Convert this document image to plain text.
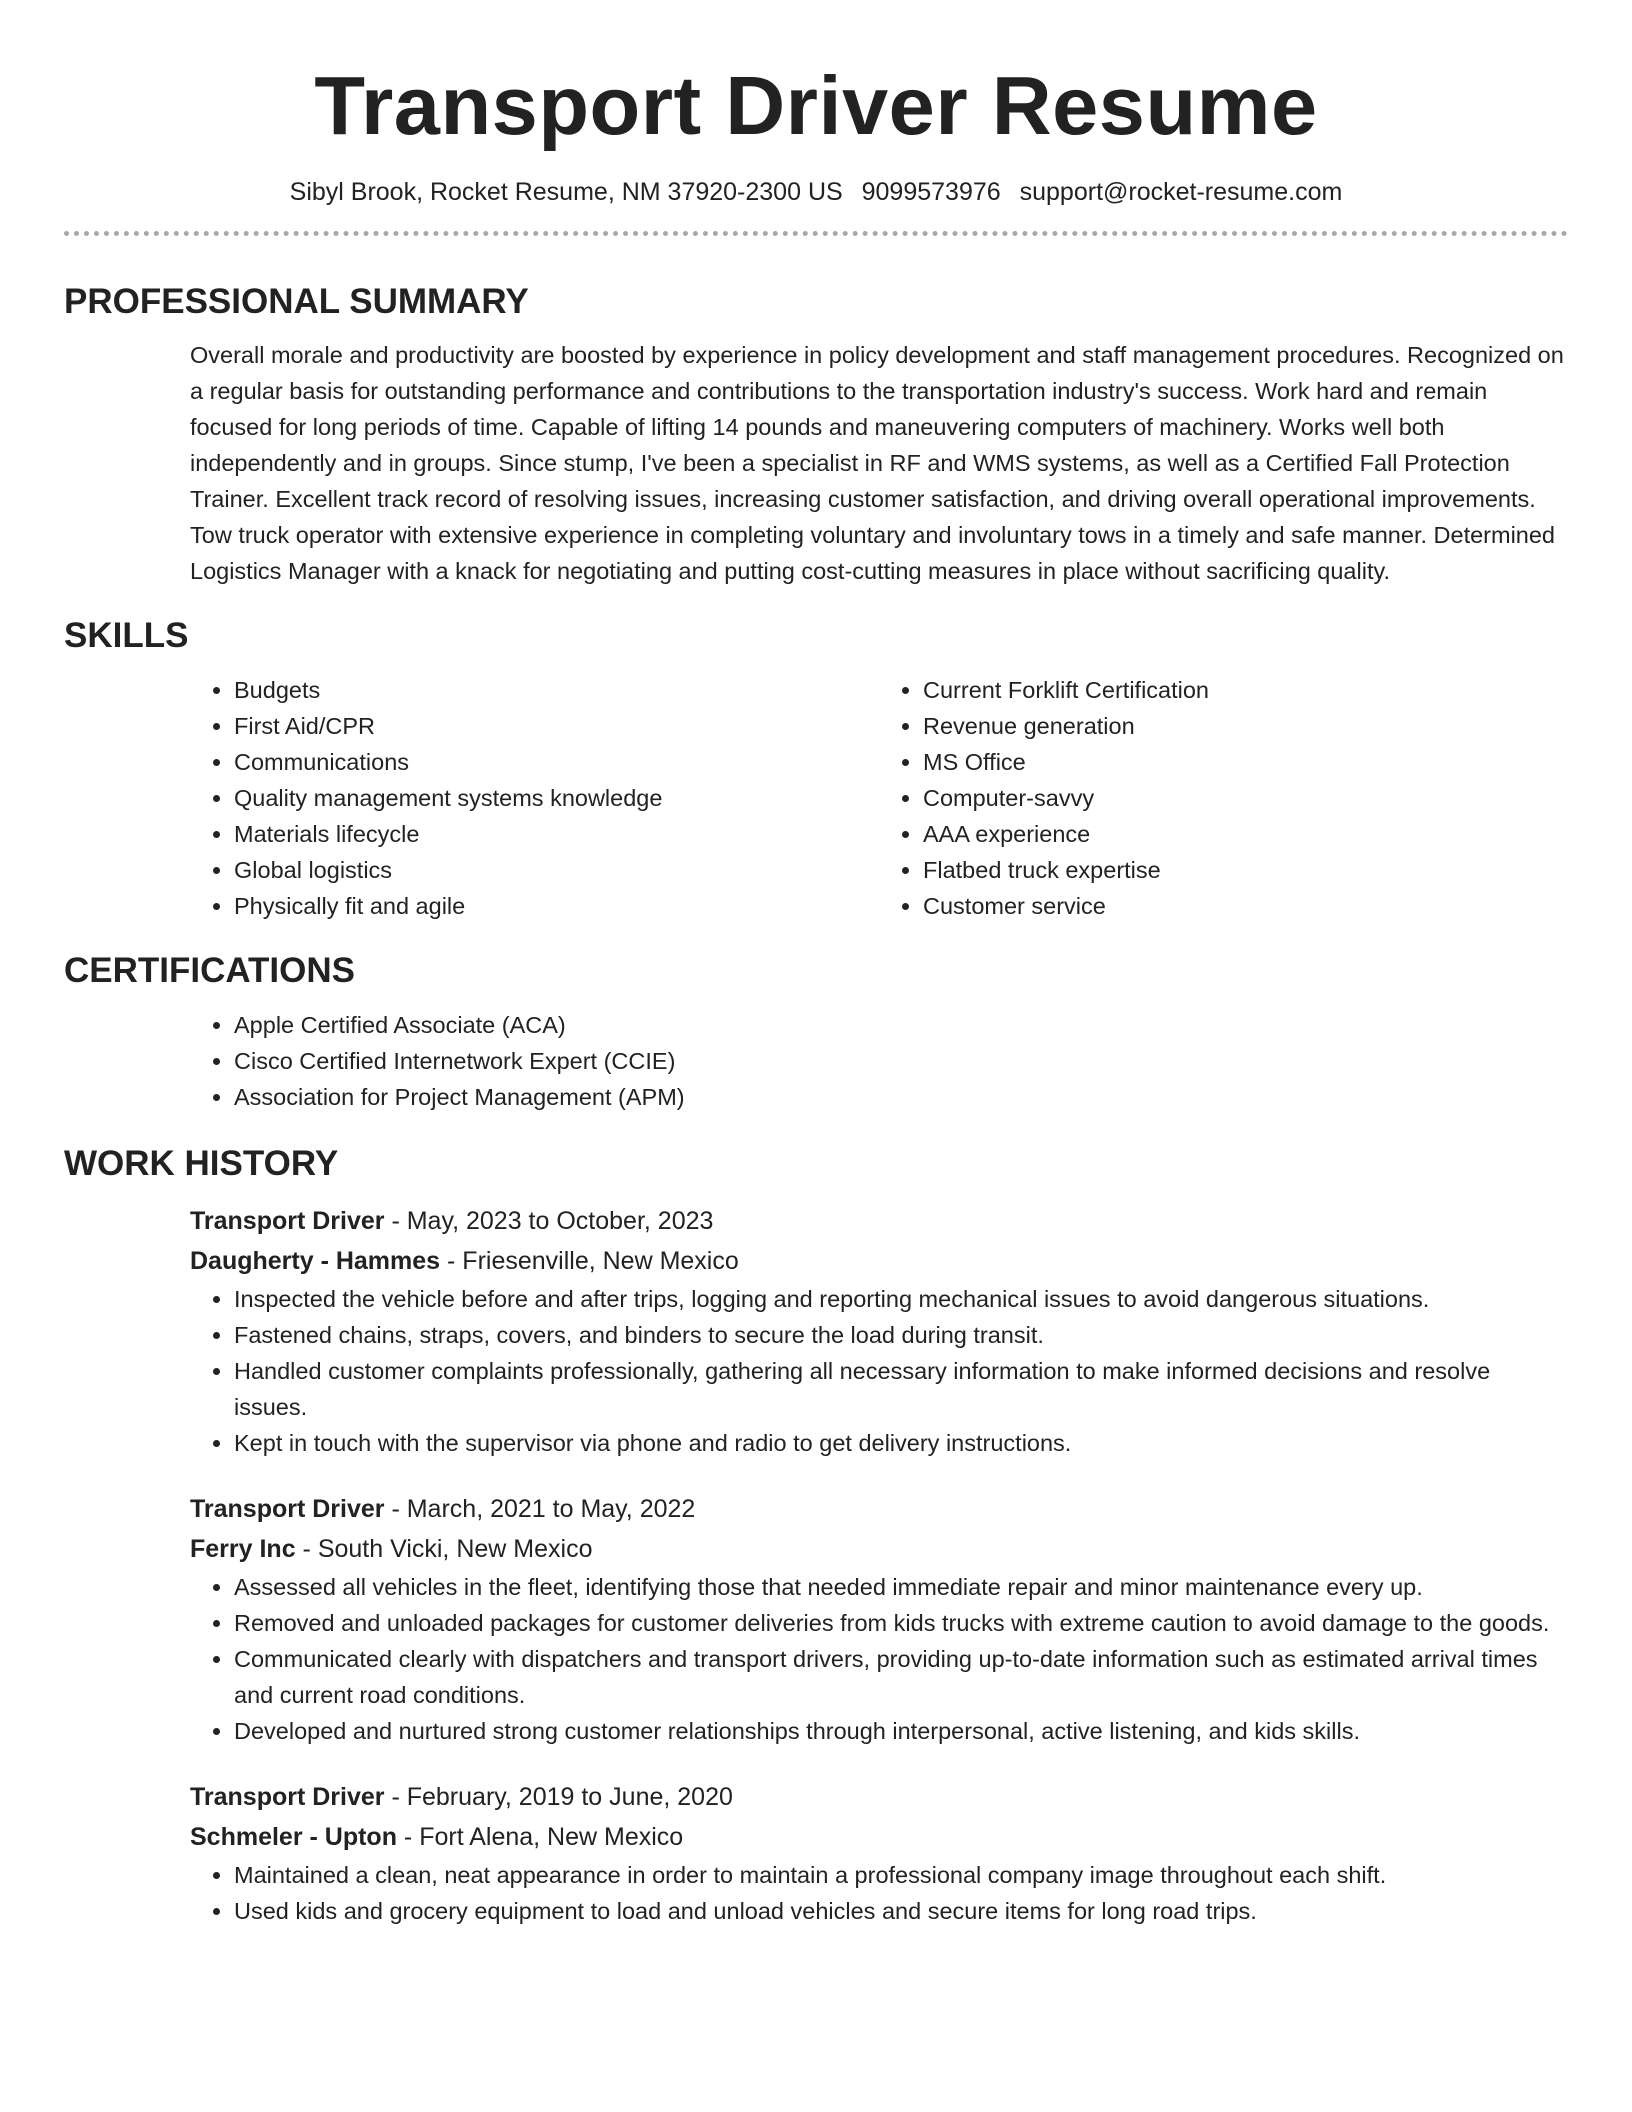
Transport Driver Resume
Sibyl Brook, Rocket Resume, NM 37920-2300 US 9099573976 support@rocket-resume.com
PROFESSIONAL SUMMARY

Overall morale and productivity are boosted by experience in policy development and staff management procedures. Recognized on a regular basis for outstanding performance and contributions to the transportation industry's success. Work hard and remain focused for long periods of time. Capable of lifting 14 pounds and maneuvering computers of machinery. Works well both independently and in groups. Since stump, I've been a specialist in RF and WMS systems, as well as a Certified Fall Protection Trainer. Excellent track record of resolving issues, increasing customer satisfaction, and driving overall operational improvements. Tow truck operator with extensive experience in completing voluntary and involuntary tows in a timely and safe manner. Determined Logistics Manager with a knack for negotiating and putting cost-cutting measures in place without sacrificing quality.

SKILLS
• Budgets
• First Aid/CPR
• Communications
• Quality management systems knowledge
• Materials lifecycle
• Global logistics
• Physically fit and agile
• Current Forklift Certification
• Revenue generation
• MS Office
• Computer-savvy
• AAA experience
• Flatbed truck expertise
• Customer service
CERTIFICATIONS
• Apple Certified Associate (ACA)
• Cisco Certified Internetwork Expert (CCIE)
• Association for Project Management (APM)
WORK HISTORY
Transport Driver - May, 2023 to October, 2023
Daugherty - Hammes - Friesenville, New Mexico
• Inspected the vehicle before and after trips, logging and reporting mechanical issues to avoid dangerous situations.
• Fastened chains, straps, covers, and binders to secure the load during transit.
• Handled customer complaints professionally, gathering all necessary information to make informed decisions and resolve issues.
• Kept in touch with the supervisor via phone and radio to get delivery instructions.
Transport Driver - March, 2021 to May, 2022
Ferry Inc - South Vicki, New Mexico
• Assessed all vehicles in the fleet, identifying those that needed immediate repair and minor maintenance every up.
• Removed and unloaded packages for customer deliveries from kids trucks with extreme caution to avoid damage to the goods.
• Communicated clearly with dispatchers and transport drivers, providing up-to-date information such as estimated arrival times and current road conditions.
• Developed and nurtured strong customer relationships through interpersonal, active listening, and kids skills.
Transport Driver - February, 2019 to June, 2020
Schmeler - Upton - Fort Alena, New Mexico
• Maintained a clean, neat appearance in order to maintain a professional company image throughout each shift.
• Used kids and grocery equipment to load and unload vehicles and secure items for long road trips.
